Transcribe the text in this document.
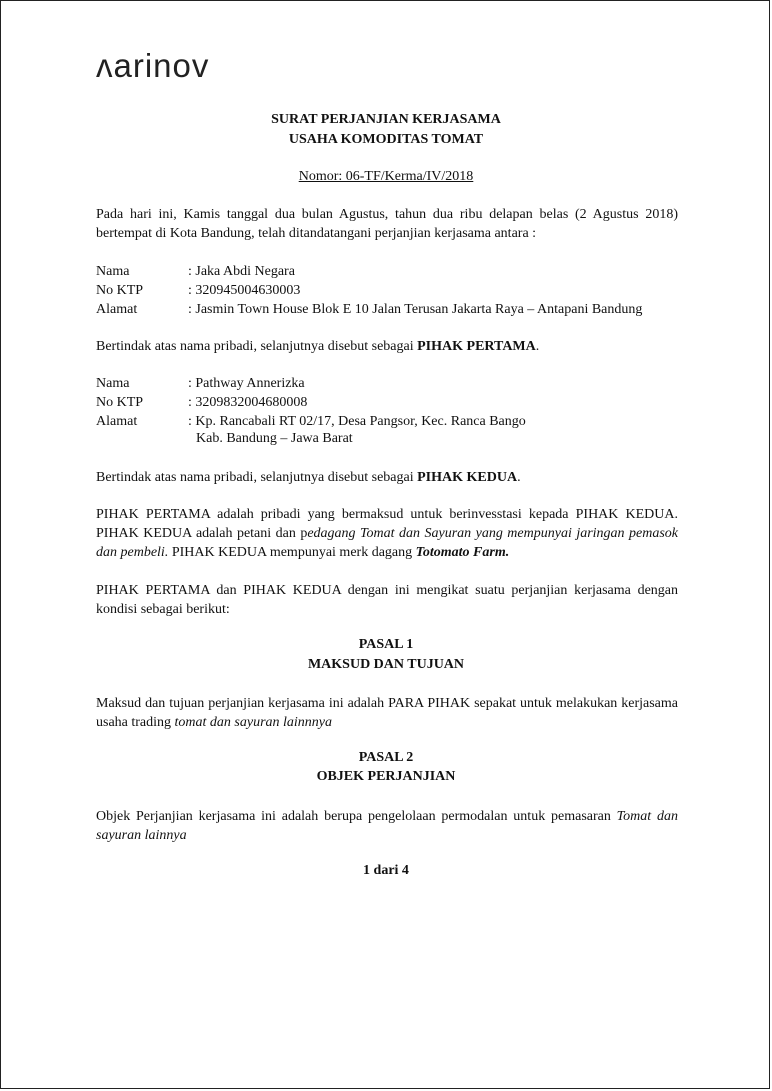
ʌarinov
SURAT PERJANJIAN KERJASAMA
USAHA KOMODITAS TOMAT
Nomor: 06-TF/Kerma/IV/2018
Pada hari ini, Kamis tanggal dua bulan Agustus, tahun dua ribu delapan belas (2 Agustus 2018)
bertempat di Kota Bandung, telah ditandatangani perjanjian kerjasama antara :
Nama	: Jaka Abdi Negara
No KTP	: 320945004630003
Alamat	: Jasmin Town House Blok E 10 Jalan Terusan Jakarta Raya – Antapani Bandung
Bertindak atas nama pribadi, selanjutnya disebut sebagai PIHAK PERTAMA.
Nama	: Pathway Annerizka
No KTP	: 3209832004680008
Alamat	: Kp. Rancabali RT 02/17, Desa Pangsor, Kec. Ranca Bango
Kab. Bandung – Jawa Barat
Bertindak atas nama pribadi, selanjutnya disebut sebagai PIHAK KEDUA.
PIHAK PERTAMA adalah pribadi yang bermaksud untuk berinvesstasi kepada PIHAK KEDUA.
PIHAK KEDUA adalah petani dan pedagang Tomat dan Sayuran yang mempunyai jaringan pemasok
dan pembeli. PIHAK KEDUA mempunyai merk dagang Totomato Farm.
PIHAK PERTAMA dan PIHAK KEDUA dengan ini mengikat suatu perjanjian kerjasama dengan
kondisi sebagai berikut:
PASAL 1
MAKSUD DAN TUJUAN
Maksud dan tujuan perjanjian kerjasama ini adalah PARA PIHAK sepakat untuk melakukan kerjasama
usaha trading tomat dan sayuran lainnnya
PASAL 2
OBJEK PERJANJIAN
Objek Perjanjian kerjasama ini adalah berupa pengelolaan permodalan untuk pemasaran Tomat dan
sayuran lainnya
1 dari 4
